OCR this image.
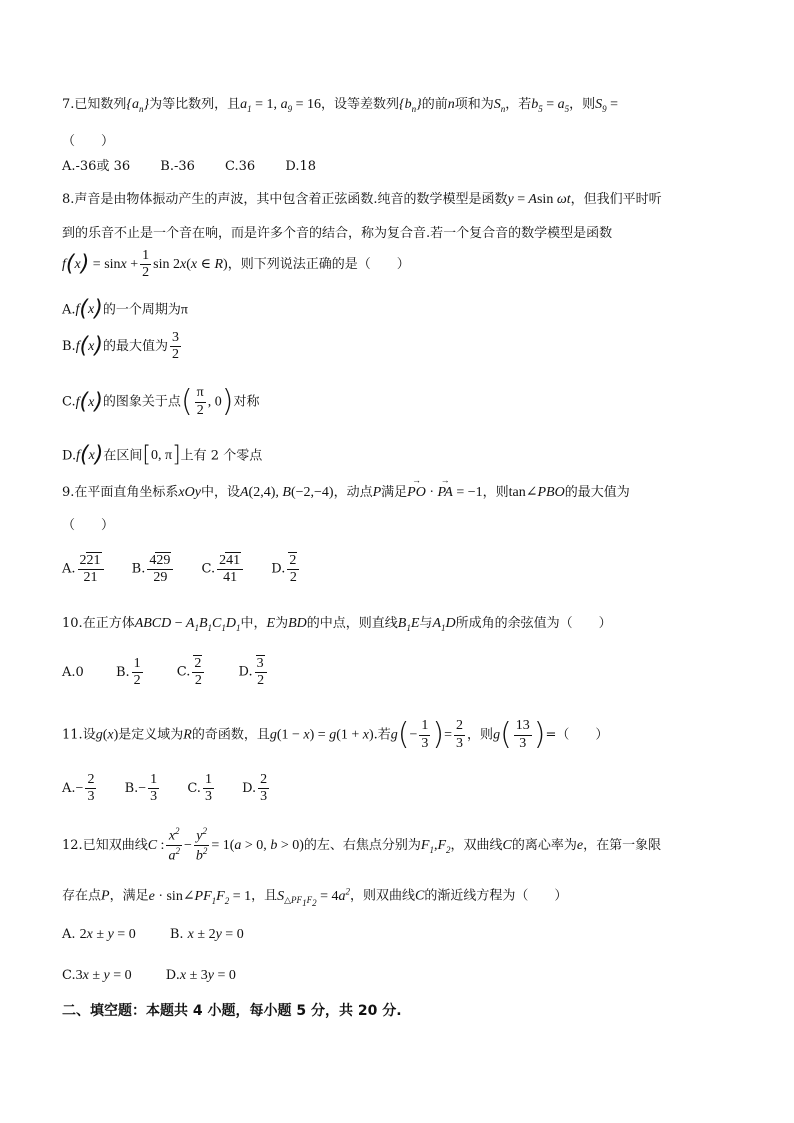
7.已知数列$\{a_n\}$为等比数列，且$a_1 = 1$, $a_9 = 16$，设等差数列$\{b_n\}$的前n项和为$S_n$，若$b_5 = a_5$，则$S_9$ =
（　　）
A.-36或 36 B.-36 C.36 D.18
8.声音是由物体振动产生的声波，其中包含着正弦函数.纯音的数学模型是函数y = Asin ωt，但我们平时听
到的乐音不止是一个音在响，而是许多个音的结合，称为复合音.若一个复合音的数学模型是函数
$f(x) = \sin x + \frac{1}{2}$ sin 2x(x ∈ R)，则下列说法正确的是（　　）
A.f(x)的一个周期为π
B.f(x)的最大值为 $\frac{3}{2}$
C.f(x)的图象关于点( $\frac{\pi}{2}$ , 0)对称
D.f(x)在区间[0, π]上有 2 个零点
9.在平面直角坐标系xOy中，设A(2,4), B(−2,−4)，动点P满足→ PO · → PA = −1，则tan∠PBO的最大值为
（　　）
A. $\frac{221}{21} B$. $\frac{429}{29} C$. $\frac{241}{41} D$. $\frac{2}{2}$
10.在正方体ABCD − $A_1B_1C_1D_1$中，E为BD的中点，则直线$B_1E$与$A_1D$所成角的余弦值为（　　）
A.0 B. $\frac{1}{2}$	C. $\frac{2}{2}$	D. $\frac{3}{2}$
11.设g(x)是定义域为R的奇函数，且g(1 − x) = g(1 + x).若$g(- \frac{1}{3}$ )= $\frac{2}{3}$ ，则$g( \frac{13}{3}$ )=（　　）
$A.- \frac{2}{3} B.- \frac{1}{3} C$. $\frac{1}{3} D$. $\frac{2}{3}$
12.已知双曲线C : $\frac{x^2}{a^2} - \frac{y^2}{b^2} = 1(a > 0$, b > 0)的左、右焦点分别为$F_1,F_2$，双曲线C的离心率为e，在第一象限
存在点P，满足$e \cdot \sin\angle PF_1F_2 = 1$，且$S_{\triangle PF_1F_2} = 4a^2$，则双曲线C的渐近线方程为（　　）
A. 2x ± y = 0	B. x ± 2y = 0
C.3x ± y = 0	D.x ± 3y = 0
二、填空题：本题共 4 小题，每小题 5 分，共 20 分.
